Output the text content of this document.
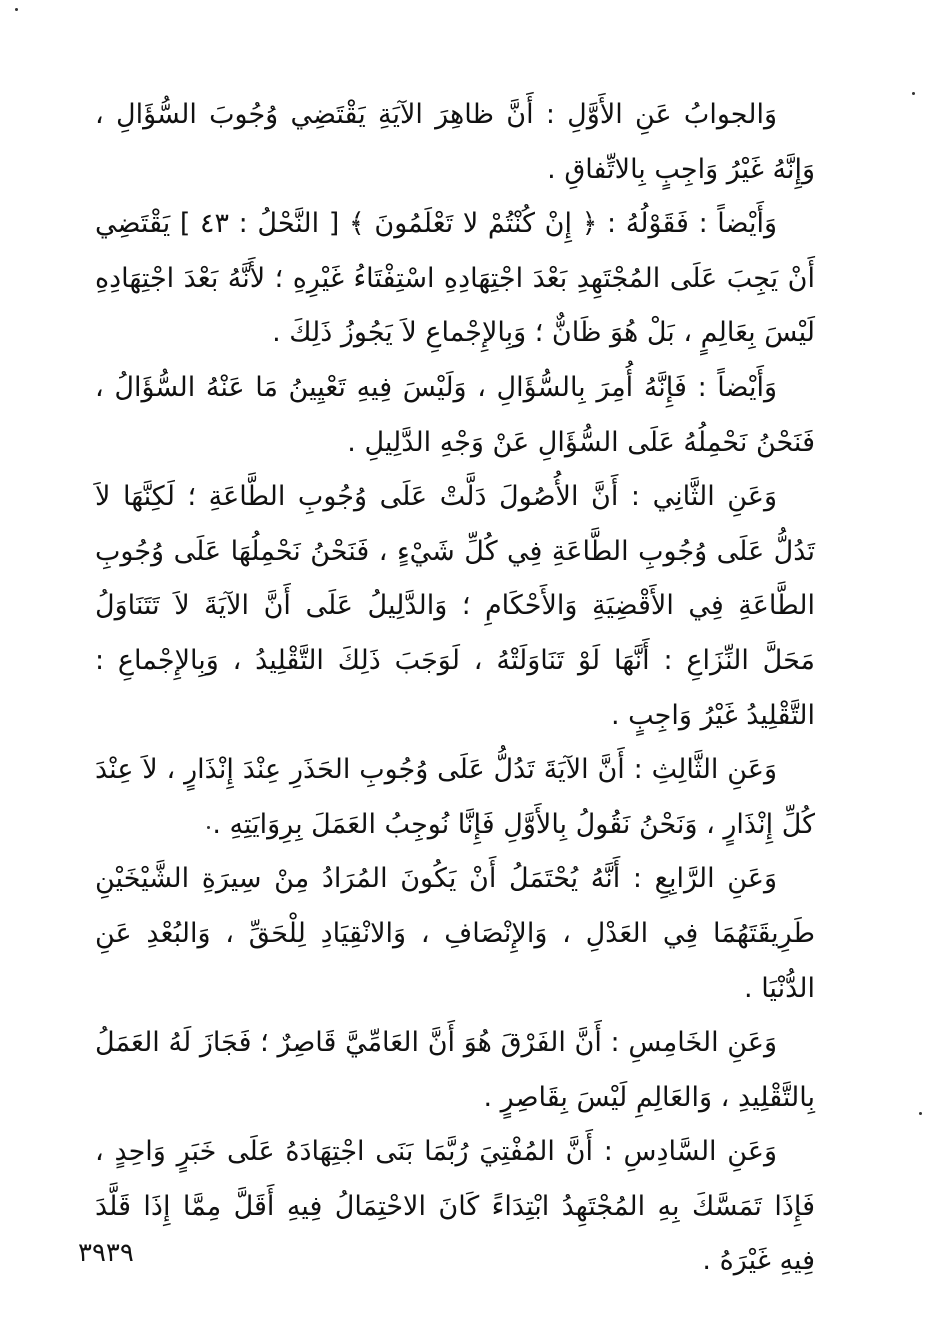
وَالجوابُ عَنِ الأَوَّلِ : أَنَّ ظاهِرَ الآيَةِ يَقْتَضِي وُجُوبَ السُّؤَالِ ، وَإِنَّهُ غَيْرُ وَاجِبٍ بِالاتِّفاقِ .

وَأَيْضاً : فَقَوْلُهُ : ﴿ إِنْ كُنْتُمْ لا تَعْلَمُونَ ﴾ [ النَّحْلُ : ٤٣ ] يَقْتَضِي أَنْ يَجِبَ عَلَى المُجْتَهِدِ بَعْدَ اجْتِهَادِهِ اسْتِفْتَاءُ غَيْرِهِ ؛ لأَنَّهُ بَعْدَ اجْتِهَادِهِ لَيْسَ بِعَالِمٍ ، بَلْ هُوَ ظَانٌّ ؛ وَبِالإِجْماعِ لاَ يَجُوزُ ذَلِكَ .

وَأَيْضاً : فَإِنَّهُ أُمِرَ بِالسُّؤَالِ ، وَلَيْسَ فِيهِ تَعْيِينُ مَا عَنْهُ السُّؤَالُ ، فَنَحْنُ نَحْمِلُهُ عَلَى السُّؤَالِ عَنْ وَجْهِ الدَّلِيلِ .

وَعَنِ الثَّانِي : أَنَّ الأُصُولَ دَلَّتْ عَلَى وُجُوبِ الطَّاعَةِ ؛ لَكِنَّهَا لاَ تَدُلُّ عَلَى وُجُوبِ الطَّاعَةِ فِي كُلِّ شَيْءٍ ، فَنَحْنُ نَحْمِلُهَا عَلَى وُجُوبِ الطَّاعَةِ فِي الأَقْضِيَةِ وَالأَحْكَامِ ؛ وَالدَّلِيلُ عَلَى أَنَّ الآيَةَ لاَ تَتَنَاوَلُ مَحَلَّ النِّزَاعِ : أَنَّهَا لَوْ تَنَاوَلَتْهُ ، لَوَجَبَ ذَلِكَ التَّقْلِيدُ ، وَبِالإِجْماعِ : التَّقْلِيدُ غَيْرُ وَاجِبٍ .

وَعَنِ الثَّالِثِ : أَنَّ الآيَةَ تَدُلُّ عَلَى وُجُوبِ الحَذَرِ عِنْدَ إِنْذَارٍ ، لاَ عِنْدَ كُلِّ إِنْذَارٍ ، وَنَحْنُ نَقُولُ بِالأَوَّلِ فَإِنَّا نُوجِبُ العَمَلَ بِرِوَايَتِهِ .

وَعَنِ الرَّابِعِ : أَنَّهُ يُحْتَمَلُ أَنْ يَكُونَ المُرَادُ مِنْ سِيرَةِ الشَّيْخَيْنِ طَرِيقَتَهُمَا فِي العَدْلِ ، وَالإِنْصَافِ ، وَالانْقِيَادِ لِلْحَقِّ ، وَالبُعْدِ عَنِ الدُّنْيَا .

وَعَنِ الخَامِسِ : أَنَّ الفَرْقَ هُوَ أَنَّ العَامِّيَّ قَاصِرٌ ؛ فَجَازَ لَهُ العَمَلُ بِالتَّقْلِيدِ ، وَالعَالِمِ لَيْسَ بِقَاصِرٍ .

وَعَنِ السَّادِسِ : أَنَّ المُفْتِيَ رُبَّمَا بَنَى اجْتِهَادَهُ عَلَى خَبَرٍ وَاحِدٍ ، فَإِذَا تَمَسَّكَ بِهِ المُجْتَهِدُ ابْتِدَاءً كَانَ الاحْتِمَالُ فِيهِ أَقَلَّ مِمَّا إِذَا قَلَّدَ فِيهِ غَيْرَهُ .

٣٩٣٩
